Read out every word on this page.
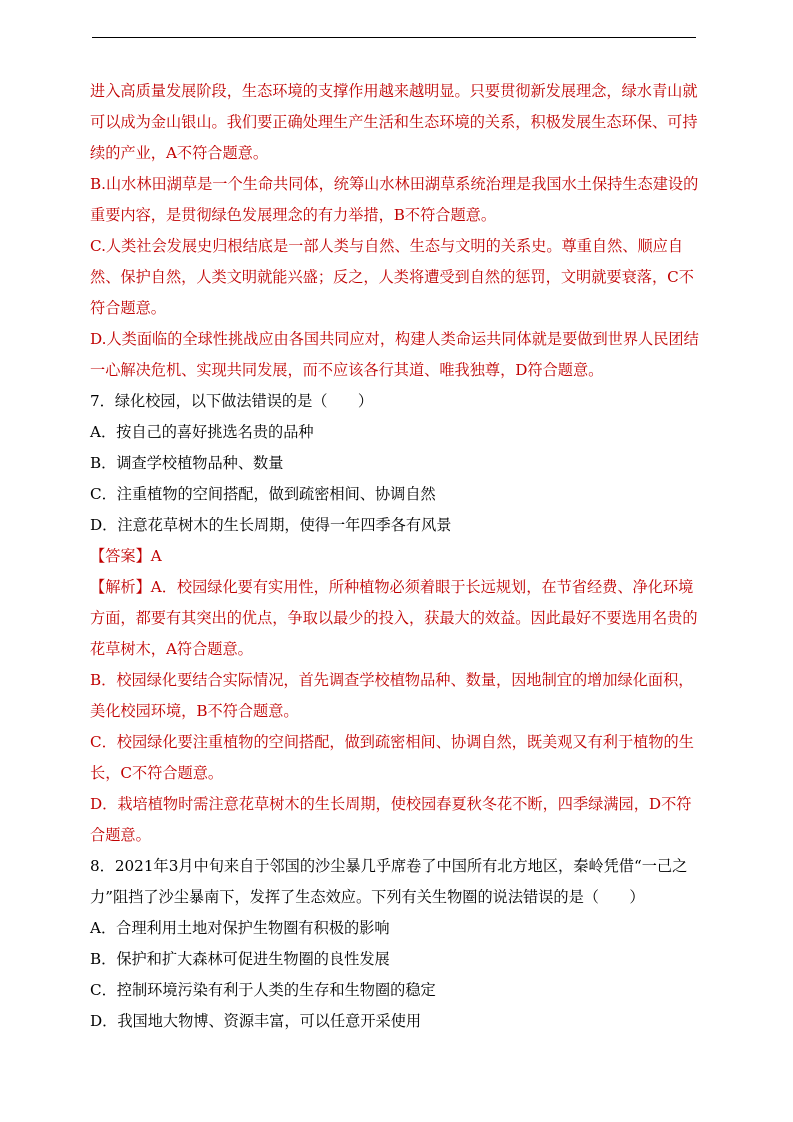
进入高质量发展阶段，生态环境的支撑作用越来越明显。只要贯彻新发展理念，绿水青山就可以成为金山银山。我们要正确处理生产生活和生态环境的关系，积极发展生态环保、可持续的产业，A不符合题意。

B.山水林田湖草是一个生命共同体，统筹山水林田湖草系统治理是我国水土保持生态建设的重要内容，是贯彻绿色发展理念的有力举措，B不符合题意。

C.人类社会发展史归根结底是一部人类与自然、生态与文明的关系史。尊重自然、顺应自然、保护自然，人类文明就能兴盛；反之，人类将遭受到自然的惩罚，文明就要衰落，C不符合题意。

D.人类面临的全球性挑战应由各国共同应对，构建人类命运共同体就是要做到世界人民团结一心解决危机、实现共同发展，而不应该各行其道、唯我独尊，D符合题意。

7．绿化校园，以下做法错误的是（　　）

A．按自己的喜好挑选名贵的品种

B．调查学校植物品种、数量

C．注重植物的空间搭配，做到疏密相间、协调自然

D．注意花草树木的生长周期，使得一年四季各有风景

【答案】A

【解析】A．校园绿化要有实用性，所种植物必须着眼于长远规划，在节省经费、净化环境方面，都要有其突出的优点，争取以最少的投入，获最大的效益。因此最好不要选用名贵的花草树木，A符合题意。

B．校园绿化要结合实际情况，首先调查学校植物品种、数量，因地制宜的增加绿化面积，美化校园环境，B不符合题意。

C．校园绿化要注重植物的空间搭配，做到疏密相间、协调自然，既美观又有利于植物的生长，C不符合题意。

D．栽培植物时需注意花草树木的生长周期，使校园春夏秋冬花不断，四季绿满园，D不符合题意。

8．2021年3月中旬来自于邻国的沙尘暴几乎席卷了中国所有北方地区，秦岭凭借“一己之力”阻挡了沙尘暴南下，发挥了生态效应。下列有关生物圈的说法错误的是（　　）

A．合理利用土地对保护生物圈有积极的影响

B．保护和扩大森林可促进生物圈的良性发展

C．控制环境污染有利于人类的生存和生物圈的稳定

D．我国地大物博、资源丰富，可以任意开采使用
